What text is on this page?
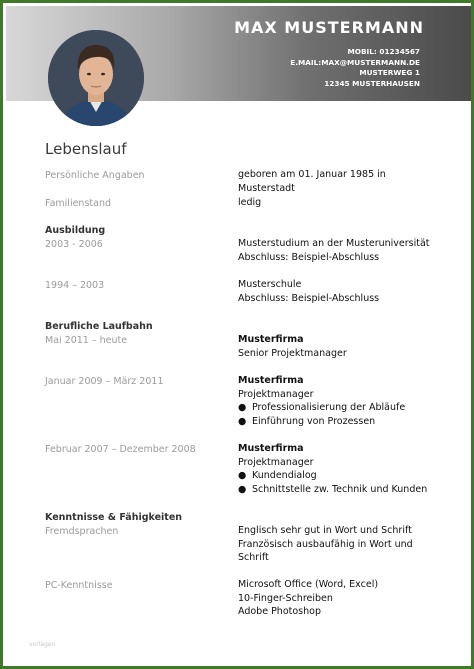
MAX MUSTERMANN
MOBIL: 01234567
E.MAIL:MAX@MUSTERMANN.DE
MUSTERWEG 1
12345 MUSTERHAUSEN
Lebenslauf
Persönliche Angaben	geboren am 01. Januar 1985 in
Musterstadt
Familienstand	ledig
Ausbildung
2003 - 2006	Musterstudium an der Musteruniversität
Abschluss: Beispiel-Abschluss
1994 – 2003	Musterschule
Abschluss: Beispiel-Abschluss
Berufliche Laufbahn
Mai 2011 – heute	Musterfirma
Senior Projektmanager
Januar 2009 – März 2011	Musterfirma
Projektmanager
● Professionalisierung der Abläufe
● Einführung von Prozessen
Februar 2007 – Dezember 2008	Musterfirma
Projektmanager
● Kundendialog
● Schnittstelle zw. Technik und Kunden
Kenntnisse & Fähigkeiten
Fremdsprachen	Englisch sehr gut in Wort und Schrift
Französisch ausbaufähig in Wort und
Schrift
PC-Kenntnisse	Microsoft Office (Word, Excel)
10-Finger-Schreiben
Adobe Photoshop
vorlagen
